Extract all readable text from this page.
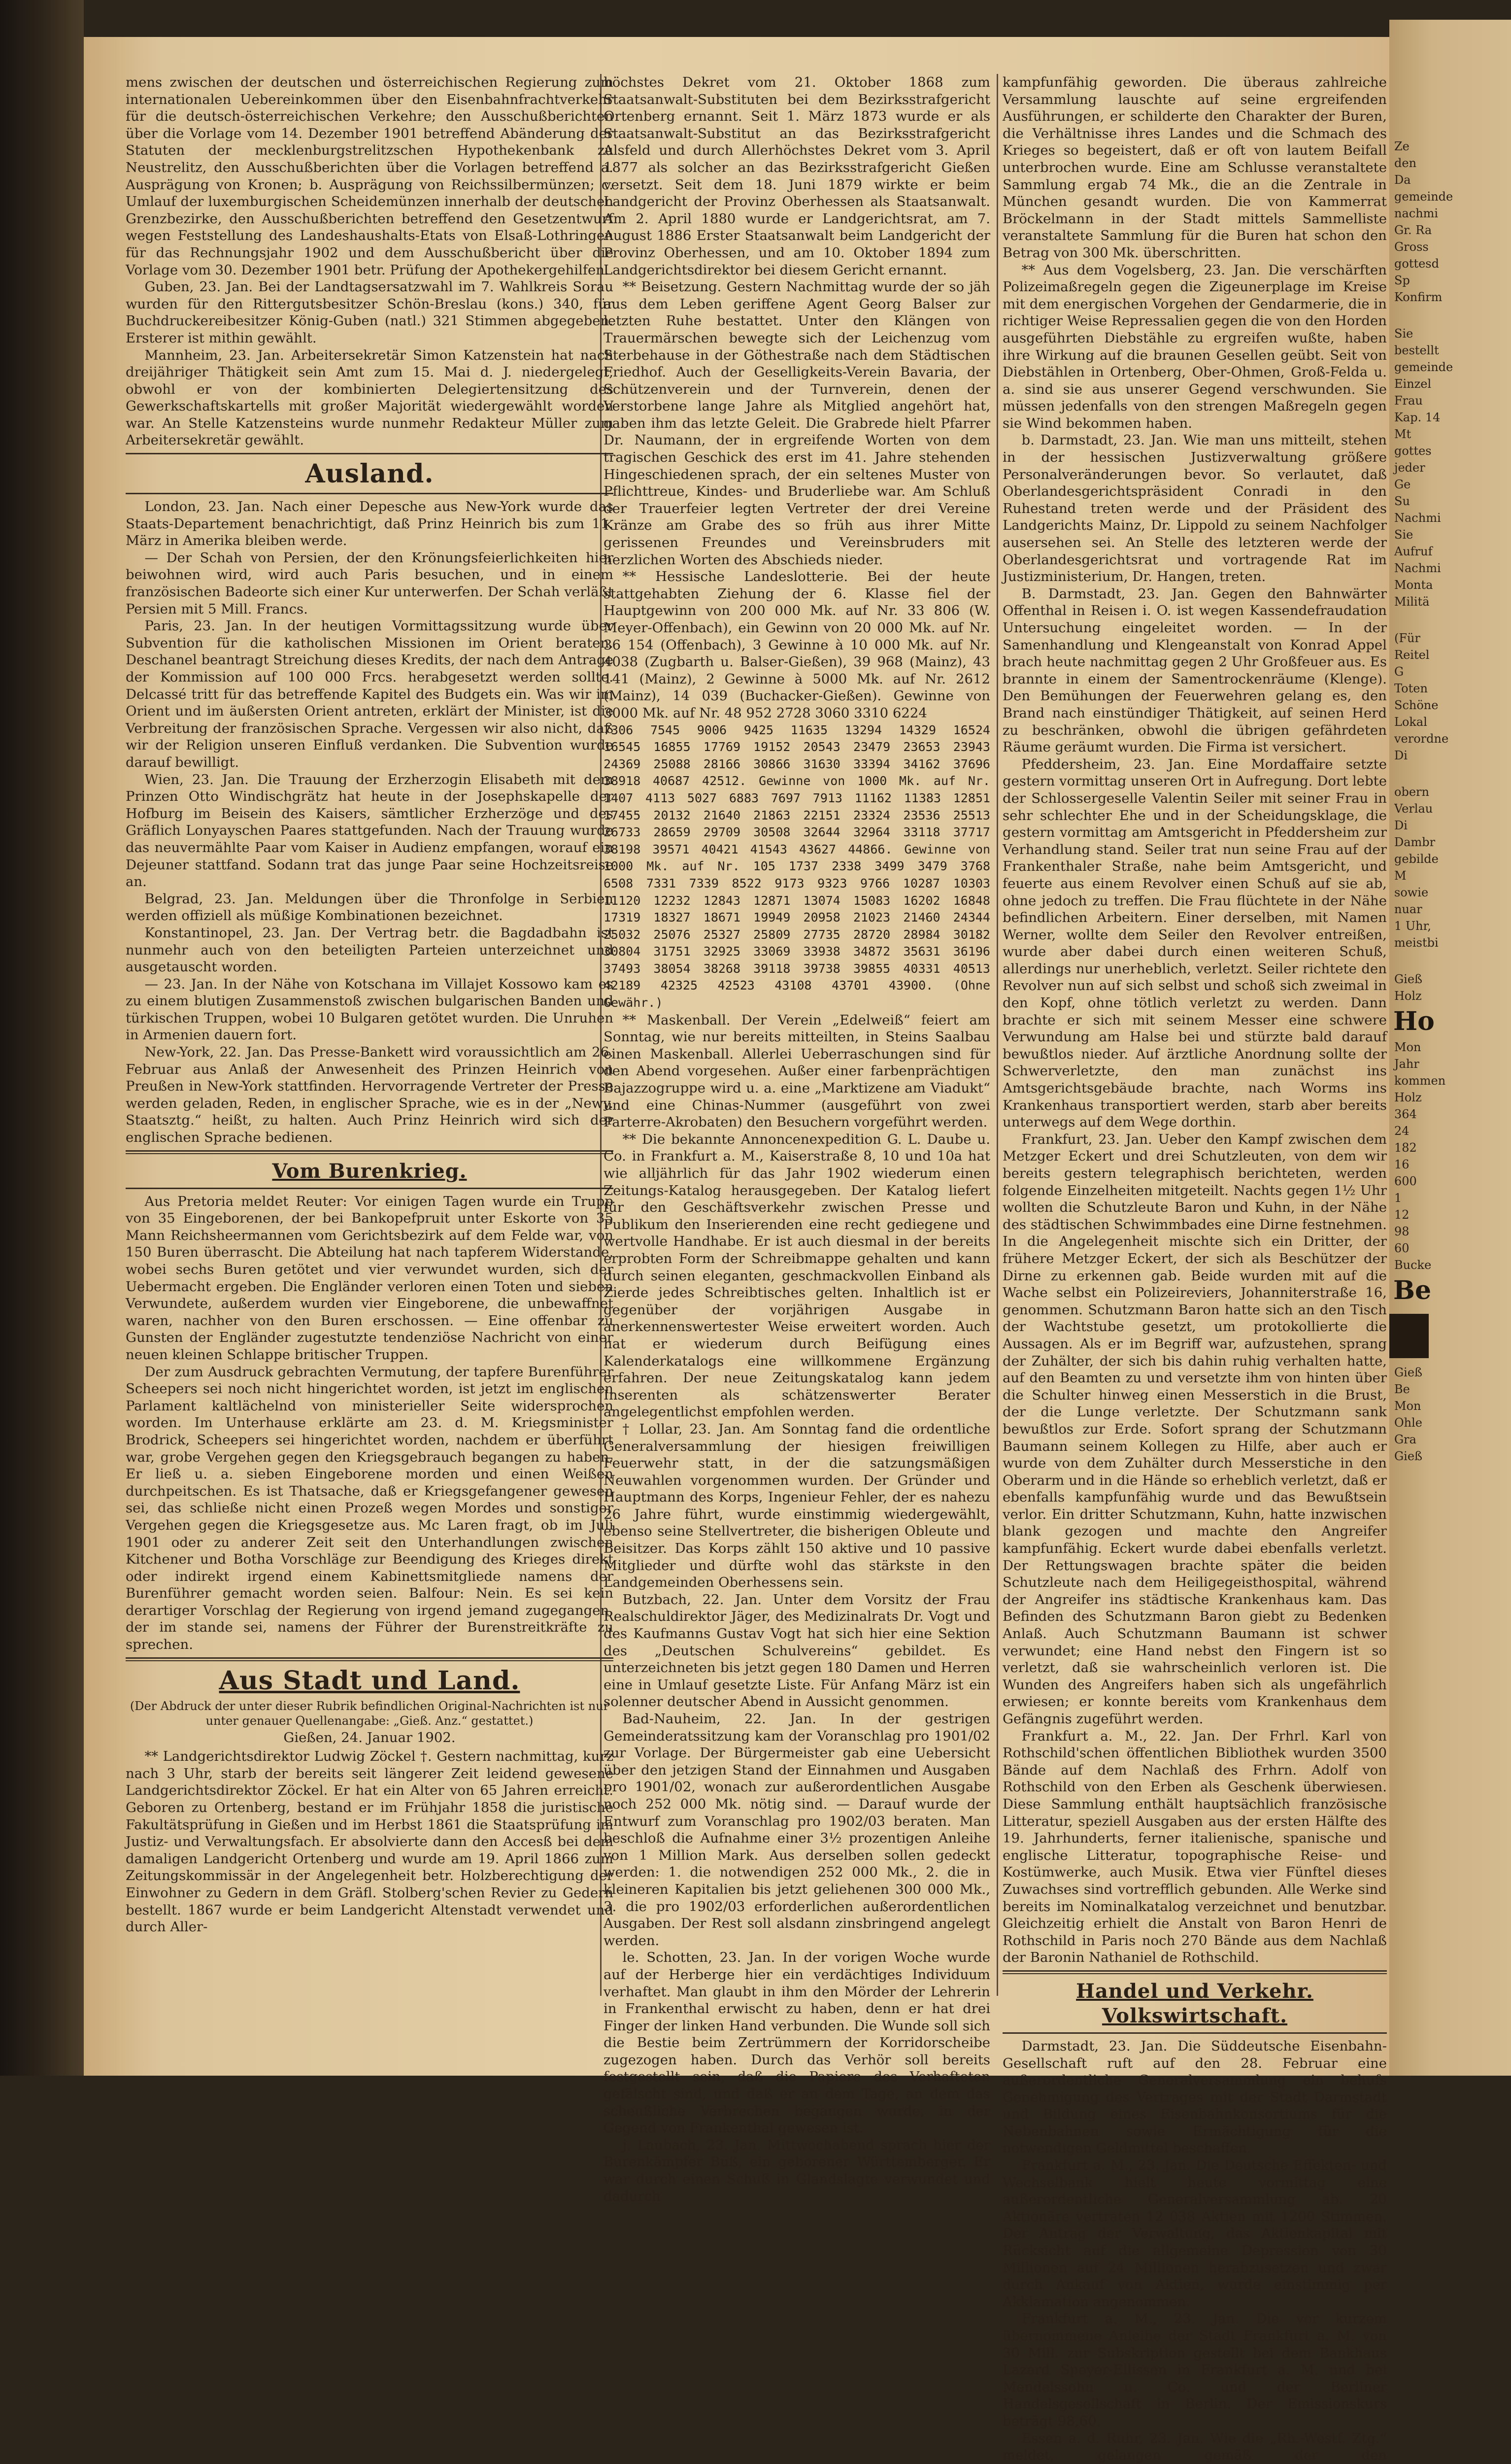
mens zwischen der deutschen und österreichischen Regierung zum internationalen Uebereinkommen über den Eisenbahnfrachtverkehr für die deutsch-österreichischen Verkehre; den Ausschußberichten über die Vorlage vom 14. Dezember 1901 betreffend Abänderung der Statuten der mecklenburgstrelitzschen Hypothekenbank zu Neustrelitz, den Ausschußberichten über die Vorlagen betreffend a. Ausprägung von Kronen; b. Ausprägung von Reichssilbermünzen; c. Umlauf der luxemburgischen Scheidemünzen innerhalb der deutschen Grenzbezirke, den Ausschußberichten betreffend den Gesetzentwurf wegen Feststellung des Landeshaushalts-Etats von Elsaß-Lothringen für das Rechnungsjahr 1902 und dem Ausschußbericht über die Vorlage vom 30. Dezember 1901 betr. Prüfung der Apothekergehilfen.

Guben, 23. Jan. Bei der Landtagsersatzwahl im 7. Wahlkreis Sorau wurden für den Rittergutsbesitzer Schön-Breslau (kons.) 340, für Buchdruckereibesitzer König-Guben (natl.) 321 Stimmen abgegeben. Ersterer ist mithin gewählt.

Mannheim, 23. Jan. Arbeitersekretär Simon Katzenstein hat nach dreijähriger Thätigkeit sein Amt zum 15. Mai d. J. niedergelegt, obwohl er von der kombinierten Delegiertensitzung des Gewerkschaftskartells mit großer Majorität wiedergewählt worden war. An Stelle Katzensteins wurde nunmehr Redakteur Müller zum Arbeitersekretär gewählt.

Ausland.

London, 23. Jan. Nach einer Depesche aus New-York wurde das Staats-Departement benachrichtigt, daß Prinz Heinrich bis zum 11. März in Amerika bleiben werde.

— Der Schah von Persien, der den Krönungsfeierlichkeiten hier beiwohnen wird, wird auch Paris besuchen, und in einem französischen Badeorte sich einer Kur unterwerfen. Der Schah verläßt Persien mit 5 Mill. Francs.

Paris, 23. Jan. In der heutigen Vormittagssitzung wurde über Subvention für die katholischen Missionen im Orient beraten. Deschanel beantragt Streichung dieses Kredits, der nach dem Antrage der Kommission auf 100 000 Frcs. herabgesetzt werden sollte. Delcassé tritt für das betreffende Kapitel des Budgets ein. Was wir im Orient und im äußersten Orient antreten, erklärt der Minister, ist die Verbreitung der französischen Sprache. Vergessen wir also nicht, daß wir der Religion unseren Einfluß verdanken. Die Subvention wurde darauf bewilligt.

Wien, 23. Jan. Die Trauung der Erzherzogin Elisabeth mit dem Prinzen Otto Windischgrätz hat heute in der Josephskapelle der Hofburg im Beisein des Kaisers, sämtlicher Erzherzöge und des Gräflich Lonyayschen Paares stattgefunden. Nach der Trauung wurde das neuvermählte Paar vom Kaiser in Audienz empfangen, worauf ein Dejeuner stattfand. Sodann trat das junge Paar seine Hochzeitsreise an.

Belgrad, 23. Jan. Meldungen über die Thronfolge in Serbien werden offiziell als müßige Kombinationen bezeichnet.

Konstantinopel, 23. Jan. Der Vertrag betr. die Bagdadbahn ist nunmehr auch von den beteiligten Parteien unterzeichnet und ausgetauscht worden.

— 23. Jan. In der Nähe von Kotschana im Villajet Kossowo kam es zu einem blutigen Zusammenstoß zwischen bulgarischen Banden und türkischen Truppen, wobei 10 Bulgaren getötet wurden. Die Unruhen in Armenien dauern fort.

New-York, 22. Jan. Das Presse-Bankett wird voraussichtlich am 26. Februar aus Anlaß der Anwesenheit des Prinzen Heinrich von Preußen in New-York stattfinden. Hervorragende Vertreter der Presse werden geladen, Reden, in englischer Sprache, wie es in der „Newy. Staatsztg.“ heißt, zu halten. Auch Prinz Heinrich wird sich der englischen Sprache bedienen.

Vom Burenkrieg.

Aus Pretoria meldet Reuter: Vor einigen Tagen wurde ein Trupp von 35 Eingeborenen, der bei Bankopefpruit unter Eskorte von 35 Mann Reichsheermannen vom Gerichtsbezirk auf dem Felde war, von 150 Buren überrascht. Die Abteilung hat nach tapferem Widerstande, wobei sechs Buren getötet und vier verwundet wurden, sich der Uebermacht ergeben. Die Engländer verloren einen Toten und sieben Verwundete, außerdem wurden vier Eingeborene, die unbewaffnet waren, nachher von den Buren erschossen. — Eine offenbar zu Gunsten der Engländer zugestutzte tendenziöse Nachricht von einer neuen kleinen Schlappe britischer Truppen.

Der zum Ausdruck gebrachten Vermutung, der tapfere Burenführer Scheepers sei noch nicht hingerichtet worden, ist jetzt im englischen Parlament kaltlächelnd von ministerieller Seite widersprochen worden. Im Unterhause erklärte am 23. d. M. Kriegsminister Brodrick, Scheepers sei hingerichtet worden, nachdem er überführt war, grobe Vergehen gegen den Kriegsgebrauch begangen zu haben. Er ließ u. a. sieben Eingeborene morden und einen Weißen durchpeitschen. Es ist Thatsache, daß er Kriegsgefangener gewesen sei, das schließe nicht einen Prozeß wegen Mordes und sonstiger Vergehen gegen die Kriegsgesetze aus. Mc Laren fragt, ob im Juli 1901 oder zu anderer Zeit seit den Unterhandlungen zwischen Kitchener und Botha Vorschläge zur Beendigung des Krieges direkt oder indirekt irgend einem Kabinettsmitgliede namens der Burenführer gemacht worden seien. Balfour: Nein. Es sei kein derartiger Vorschlag der Regierung von irgend jemand zugegangen, der im stande sei, namens der Führer der Burenstreitkräfte zu sprechen.

Aus Stadt und Land.
(Der Abdruck der unter dieser Rubrik befindlichen Original-Nachrichten ist nur unter genauer Quellenangabe: „Gieß. Anz.“ gestattet.)
Gießen, 24. Januar 1902.

** Landgerichtsdirektor Ludwig Zöckel †. Gestern nachmittag, kurz nach 3 Uhr, starb der bereits seit längerer Zeit leidend gewesene Landgerichtsdirektor Zöckel. Er hat ein Alter von 65 Jahren erreicht. Geboren zu Ortenberg, bestand er im Frühjahr 1858 die juristische Fakultätsprüfung in Gießen und im Herbst 1861 die Staatsprüfung im Justiz- und Verwaltungsfach. Er absolvierte dann den Accesß bei dem damaligen Landgericht Ortenberg und wurde am 19. April 1866 zum Zeitungskommissär in der Angelegenheit betr. Holzberechtigung der Einwohner zu Gedern in dem Gräfl. Stolberg'schen Revier zu Gedern bestellt. 1867 wurde er beim Landgericht Altenstadt verwendet und durch Aller-

höchstes Dekret vom 21. Oktober 1868 zum Staatsanwalt-Substituten bei dem Bezirksstrafgericht Ortenberg ernannt. Seit 1. März 1873 wurde er als Staatsanwalt-Substitut an das Bezirksstrafgericht Alsfeld und durch Allerhöchstes Dekret vom 3. April 1877 als solcher an das Bezirksstrafgericht Gießen versetzt. Seit dem 18. Juni 1879 wirkte er beim Landgericht der Provinz Oberhessen als Staatsanwalt. Am 2. April 1880 wurde er Landgerichtsrat, am 7. August 1886 Erster Staatsanwalt beim Landgericht der Provinz Oberhessen, und am 10. Oktober 1894 zum Landgerichtsdirektor bei diesem Gericht ernannt.

** Beisetzung. Gestern Nachmittag wurde der so jäh aus dem Leben geriffene Agent Georg Balser zur letzten Ruhe bestattet. Unter den Klängen von Trauermärschen bewegte sich der Leichenzug vom Sterbehause in der Göthestraße nach dem Städtischen Friedhof. Auch der Geselligkeits-Verein Bavaria, der Schützenverein und der Turnverein, denen der Verstorbene lange Jahre als Mitglied angehört hat, gaben ihm das letzte Geleit. Die Grabrede hielt Pfarrer Dr. Naumann, der in ergreifende Worten von dem tragischen Geschick des erst im 41. Jahre stehenden Hingeschiedenen sprach, der ein seltenes Muster von Pflichttreue, Kindes- und Bruderliebe war. Am Schluß der Trauerfeier legten Vertreter der drei Vereine Kränze am Grabe des so früh aus ihrer Mitte gerissenen Freundes und Vereinsbruders mit herzlichen Worten des Abschieds nieder.

** Hessische Landeslotterie. Bei der heute stattgehabten Ziehung der 6. Klasse fiel der Hauptgewinn von 200 000 Mk. auf Nr. 33 806 (W. Meyer-Offenbach), ein Gewinn von 20 000 Mk. auf Nr. 36 154 (Offenbach), 3 Gewinne à 10 000 Mk. auf Nr. 4038 (Zugbarth u. Balser-Gießen), 39 968 (Mainz), 43 141 (Mainz), 2 Gewinne à 5000 Mk. auf Nr. 2612 (Mainz), 14 039 (Buchacker-Gießen). Gewinne von 3000 Mk. auf Nr. 48 952 2728 3060 3310 6224

7306 7545 9006 9425 11635 13294 14329 16524 16545 16855 17769 19152 20543 23479 23653 23943 24369 25088 28166 30866 31630 33394 34162 37696 38918 40687 42512. Gewinne von 1000 Mk. auf Nr. 1407 4113 5027 6883 7697 7913 11162 11383 12851 17455 20132 21640 21863 22151 23324 23536 25513 26733 28659 29709 30508 32644 32964 33118 37717 38198 39571 40421 41543 43627 44866. Gewinne von 1000 Mk. auf Nr. 105 1737 2338 3499 3479 3768 6508 7331 7339 8522 9173 9323 9766 10287 10303 11120 12232 12843 12871 13074 15083 16202 16848 17319 18327 18671 19949 20958 21023 21460 24344 25032 25076 25327 25809 27735 28720 28984 30182 30804 31751 32925 33069 33938 34872 35631 36196 37493 38054 38268 39118 39738 39855 40331 40513 42189 42325 42523 43108 43701 43900. (Ohne Gewähr.)

** Maskenball. Der Verein „Edelweiß“ feiert am Sonntag, wie nur bereits mitteilten, in Steins Saalbau einen Maskenball. Allerlei Ueberraschungen sind für den Abend vorgesehen. Außer einer farbenprächtigen Bajazzogruppe wird u. a. eine „Marktizene am Viadukt“ und eine Chinas-Nummer (ausgeführt von zwei Parterre-Akrobaten) den Besuchern vorgeführt werden.

** Die bekannte Annoncenexpedition G. L. Daube u. Co. in Frankfurt a. M., Kaiserstraße 8, 10 und 10a hat wie alljährlich für das Jahr 1902 wiederum einen Zeitungs-Katalog herausgegeben. Der Katalog liefert für den Geschäftsverkehr zwischen Presse und Publikum den Inserierenden eine recht gediegene und wertvolle Handhabe. Er ist auch diesmal in der bereits erprobten Form der Schreibmappe gehalten und kann durch seinen eleganten, geschmackvollen Einband als Zierde jedes Schreibtisches gelten. Inhaltlich ist er gegenüber der vorjährigen Ausgabe in anerkennenswertester Weise erweitert worden. Auch hat er wiederum durch Beifügung eines Kalenderkatalogs eine willkommene Ergänzung erfahren. Der neue Zeitungskatalog kann jedem Inserenten als schätzenswerter Berater angelegentlichst empfohlen werden.

† Lollar, 23. Jan. Am Sonntag fand die ordentliche Generalversammlung der hiesigen freiwilligen Feuerwehr statt, in der die satzungsmäßigen Neuwahlen vorgenommen wurden. Der Gründer und Hauptmann des Korps, Ingenieur Fehler, der es nahezu 26 Jahre führt, wurde einstimmig wiedergewählt, ebenso seine Stellvertreter, die bisherigen Obleute und Beisitzer. Das Korps zählt 150 aktive und 10 passive Mitglieder und dürfte wohl das stärkste in den Landgemeinden Oberhessens sein.

Butzbach, 22. Jan. Unter dem Vorsitz der Frau Realschuldirektor Jäger, des Medizinalrats Dr. Vogt und des Kaufmanns Gustav Vogt hat sich hier eine Sektion des „Deutschen Schulvereins“ gebildet. Es unterzeichneten bis jetzt gegen 180 Damen und Herren eine in Umlauf gesetzte Liste. Für Anfang März ist ein solenner deutscher Abend in Aussicht genommen.

Bad-Nauheim, 22. Jan. In der gestrigen Gemeinderatssitzung kam der Voranschlag pro 1901/02 zur Vorlage. Der Bürgermeister gab eine Uebersicht über den jetzigen Stand der Einnahmen und Ausgaben pro 1901/02, wonach zur außerordentlichen Ausgabe noch 252 000 Mk. nötig sind. — Darauf wurde der Entwurf zum Voranschlag pro 1902/03 beraten. Man beschloß die Aufnahme einer 3½ prozentigen Anleihe von 1 Million Mark. Aus derselben sollen gedeckt werden: 1. die notwendigen 252 000 Mk., 2. die in kleineren Kapitalien bis jetzt geliehenen 300 000 Mk., 3. die pro 1902/03 erforderlichen außerordentlichen Ausgaben. Der Rest soll alsdann zinsbringend angelegt werden.

le. Schotten, 23. Jan. In der vorigen Woche wurde auf der Herberge hier ein verdächtiges Individuum verhaftet. Man glaubt in ihm den Mörder der Lehrerin in Frankenthal erwischt zu haben, denn er hat drei Finger der linken Hand verbunden. Die Wunde soll sich die Bestie beim Zertrümmern der Korridorscheibe zugezogen haben. Durch das Verhör soll bereits festgestellt sein, daß die Papiere des Verhafteten gefälscht sind, und daß er an dem Tage, an dem das scheußliche Verbrechen begangen wurde, in der Gegend von Frankenthal gewesen ist.

j. Laubach, 23. Jan. Mittwochabend sprach hier der Burenkämpfer Buß, ein geborener Württemberger. Er war durch einen Schuß in Glandslagte verwundet und dadurch

kampfunfähig geworden. Die überaus zahlreiche Versammlung lauschte auf seine ergreifenden Ausführungen, er schilderte den Charakter der Buren, die Verhältnisse ihres Landes und die Schmach des Krieges so begeistert, daß er oft von lautem Beifall unterbrochen wurde. Eine am Schlusse veranstaltete Sammlung ergab 74 Mk., die an die Zentrale in München gesandt wurden. Die von Kammerrat Bröckelmann in der Stadt mittels Sammelliste veranstaltete Sammlung für die Buren hat schon den Betrag von 300 Mk. überschritten.

** Aus dem Vogelsberg, 23. Jan. Die verschärften Polizeimaßregeln gegen die Zigeunerplage im Kreise mit dem energischen Vorgehen der Gendarmerie, die in richtiger Weise Repressalien gegen die von den Horden ausgeführten Diebstähle zu ergreifen wußte, haben ihre Wirkung auf die braunen Gesellen geübt. Seit von Diebstählen in Ortenberg, Ober-Ohmen, Groß-Felda u. a. sind sie aus unserer Gegend verschwunden. Sie müssen jedenfalls von den strengen Maßregeln gegen sie Wind bekommen haben.

b. Darmstadt, 23. Jan. Wie man uns mitteilt, stehen in der hessischen Justizverwaltung größere Personalveränderungen bevor. So verlautet, daß Oberlandesgerichtspräsident Conradi in den Ruhestand treten werde und der Präsident des Landgerichts Mainz, Dr. Lippold zu seinem Nachfolger ausersehen sei. An Stelle des letzteren werde der Oberlandesgerichtsrat und vortragende Rat im Justizministerium, Dr. Hangen, treten.

B. Darmstadt, 23. Jan. Gegen den Bahnwärter Offenthal in Reisen i. O. ist wegen Kassendefraudation Untersuchung eingeleitet worden. — In der Samenhandlung und Klengeanstalt von Konrad Appel brach heute nachmittag gegen 2 Uhr Großfeuer aus. Es brannte in einem der Samentrockenräume (Klenge). Den Bemühungen der Feuerwehren gelang es, den Brand nach einstündiger Thätigkeit, auf seinen Herd zu beschränken, obwohl die übrigen gefährdeten Räume geräumt wurden. Die Firma ist versichert.

Pfeddersheim, 23. Jan. Eine Mordaffaire setzte gestern vormittag unseren Ort in Aufregung. Dort lebte der Schlossergeselle Valentin Seiler mit seiner Frau in sehr schlechter Ehe und in der Scheidungsklage, die gestern vormittag am Amtsgericht in Pfeddersheim zur Verhandlung stand. Seiler trat nun seine Frau auf der Frankenthaler Straße, nahe beim Amtsgericht, und feuerte aus einem Revolver einen Schuß auf sie ab, ohne jedoch zu treffen. Die Frau flüchtete in der Nähe befindlichen Arbeitern. Einer derselben, mit Namen Werner, wollte dem Seiler den Revolver entreißen, wurde aber dabei durch einen weiteren Schuß, allerdings nur unerheblich, verletzt. Seiler richtete den Revolver nun auf sich selbst und schoß sich zweimal in den Kopf, ohne tötlich verletzt zu werden. Dann brachte er sich mit seinem Messer eine schwere Verwundung am Halse bei und stürzte bald darauf bewußtlos nieder. Auf ärztliche Anordnung sollte der Schwerverletzte, den man zunächst ins Amtsgerichtsgebäude brachte, nach Worms ins Krankenhaus transportiert werden, starb aber bereits unterwegs auf dem Wege dorthin.

Frankfurt, 23. Jan. Ueber den Kampf zwischen dem Metzger Eckert und drei Schutzleuten, von dem wir bereits gestern telegraphisch berichteten, werden folgende Einzelheiten mitgeteilt. Nachts gegen 1½ Uhr wollten die Schutzleute Baron und Kuhn, in der Nähe des städtischen Schwimmbades eine Dirne festnehmen. In die Angelegenheit mischte sich ein Dritter, der frühere Metzger Eckert, der sich als Beschützer der Dirne zu erkennen gab. Beide wurden mit auf die Wache selbst ein Polizeireviers, Johanniterstraße 16, genommen. Schutzmann Baron hatte sich an den Tisch der Wachtstube gesetzt, um protokollierte die Aussagen. Als er im Begriff war, aufzustehen, sprang der Zuhälter, der sich bis dahin ruhig verhalten hatte, auf den Beamten zu und versetzte ihm von hinten über die Schulter hinweg einen Messerstich in die Brust, der die Lunge verletzte. Der Schutzmann sank bewußtlos zur Erde. Sofort sprang der Schutzmann Baumann seinem Kollegen zu Hilfe, aber auch er wurde von dem Zuhälter durch Messerstiche in den Oberarm und in die Hände so erheblich verletzt, daß er ebenfalls kampfunfähig wurde und das Bewußtsein verlor. Ein dritter Schutzmann, Kuhn, hatte inzwischen blank gezogen und machte den Angreifer kampfunfähig. Eckert wurde dabei ebenfalls verletzt. Der Rettungswagen brachte später die beiden Schutzleute nach dem Heiligegeisthospital, während der Angreifer ins städtische Krankenhaus kam. Das Befinden des Schutzmann Baron giebt zu Bedenken Anlaß. Auch Schutzmann Baumann ist schwer verwundet; eine Hand nebst den Fingern ist so verletzt, daß sie wahrscheinlich verloren ist. Die Wunden des Angreifers haben sich als ungefährlich erwiesen; er konnte bereits vom Krankenhaus dem Gefängnis zugeführt werden.

Frankfurt a. M., 22. Jan. Der Frhrl. Karl von Rothschild'schen öffentlichen Bibliothek wurden 3500 Bände auf dem Nachlaß des Frhrn. Adolf von Rothschild von den Erben als Geschenk überwiesen. Diese Sammlung enthält hauptsächlich französische Litteratur, speziell Ausgaben aus der ersten Hälfte des 19. Jahrhunderts, ferner italienische, spanische und englische Litteratur, topographische Reise- und Kostümwerke, auch Musik. Etwa vier Fünftel dieses Zuwachses sind vortrefflich gebunden. Alle Werke sind bereits im Nominalkatalog verzeichnet und benutzbar. Gleichzeitig erhielt die Anstalt von Baron Henri de Rothschild in Paris noch 270 Bände aus dem Nachlaß der Baronin Nathaniel de Rothschild.

Handel und Verkehr. Volkswirtschaft.

Darmstadt, 23. Jan. Die Süddeutsche Eisenbahn-Gesellschaft ruft auf den 28. Februar eine außerordentliche Generalversammlung ein behufs Genehmigung des Vertrages mit der Stadt Darmstadt und Bildung eines Eisenbahnkonsortiums für die Nebenbahnen sowie Ermächtigung für die notwendigen Geldmittel beschaffen.

Frankfurt a. M., 23. Jan. Die Deutsche Effekten- und Wechselbank hielt heute vormittag eine außerordentliche Generalversammlung ab. 20 Aktionäre vertraten 12 038 Aktien mit 1200 Stimmen. Der Antrag der Verwaltung, das Aktienkapital mit Rücksicht auf die allgemeine Depression von 30 Millionen auf 24 Millionen herabzusetzen und zwar durch Ankauf von Aktien, wurde einstimmig per Akklamation angenommen.

Frankfurt a. M., 23. Jan. Die vor kurzem übernommene Anleihe der Stadt Frankfurt a. M. von 30 Mill. zur Subskription gestellt bei dem Bankhaus Lazard Speyer-Ellissen in Frankfurt a. M. und bei Mendelssohn u. Co. und der Berliner Handelsgesellschaft in Berlin. Der Emissionskurs beträgt 98,60.

Essen a. d. Ruhr, 23. Jan. Wie die „Rh.-Westf. Ztg.“ meldet, gelangen gemäß der den

Ze
den
Da
gemeinde
nachmi
Gr. Ra
Gross
gottesd
Sp
Konfirm
Sie
bestellt
gemeinde
Einzel
Frau
Kap. 14
Mt
gottes
jeder
Ge
Su
Nachmi
Sie
Aufruf
Nachmi
Monta
Militä
(Für
Reitel
G
Toten
Schöne
Lokal
verordne
Di
obern
Verlau
Di
Dambr
gebilde
M
sowie
nuar
1 Uhr,
meistbi
Gieß
Holz
Ho
Mon
Jahr
kommen
Holz
364
24
182
16
600
1
12
98
60
Bucke
Be
Gieß
Be
Mon
Ohle
Gra
Gieß
